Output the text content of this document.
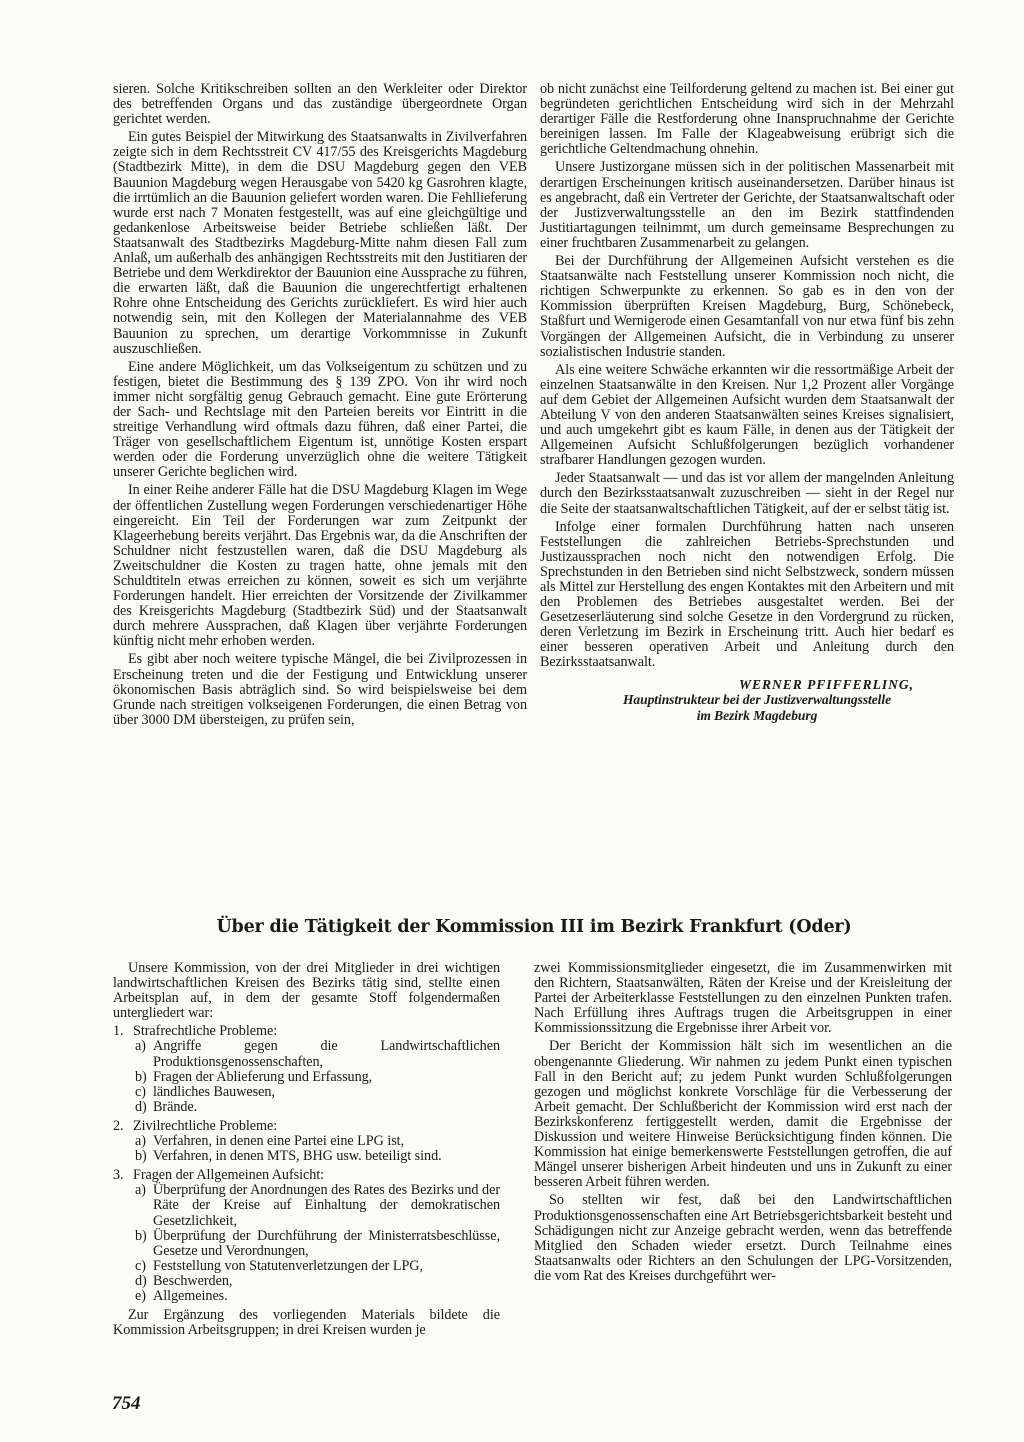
sieren. Solche Kritikschreiben sollten an den Werkleiter oder Direktor des betreffenden Organs und das zuständige übergeordnete Organ gerichtet werden.

Ein gutes Beispiel der Mitwirkung des Staatsanwalts in Zivilverfahren zeigte sich in dem Rechtsstreit CV 417/55 des Kreisgerichts Magdeburg (Stadtbezirk Mitte), in dem die DSU Magdeburg gegen den VEB Bauunion Magdeburg wegen Herausgabe von 5420 kg Gasrohren klagte, die irrtümlich an die Bauunion geliefert worden waren. Die Fehllieferung wurde erst nach 7 Monaten festgestellt, was auf eine gleichgültige und gedankenlose Arbeitsweise beider Betriebe schließen läßt. Der Staatsanwalt des Stadtbezirks Magdeburg-Mitte nahm diesen Fall zum Anlaß, um außerhalb des anhängigen Rechtsstreits mit den Justitiaren der Betriebe und dem Werkdirektor der Bauunion eine Aussprache zu führen, die erwarten läßt, daß die Bauunion die ungerechtfertigt erhaltenen Rohre ohne Entscheidung des Gerichts zurückliefert. Es wird hier auch notwendig sein, mit den Kollegen der Materialannahme des VEB Bauunion zu sprechen, um derartige Vorkommnisse in Zukunft auszuschließen.

Eine andere Möglichkeit, um das Volkseigentum zu schützen und zu festigen, bietet die Bestimmung des § 139 ZPO. Von ihr wird noch immer nicht sorgfältig genug Gebrauch gemacht. Eine gute Erörterung der Sach- und Rechtslage mit den Parteien bereits vor Eintritt in die streitige Verhandlung wird oftmals dazu führen, daß einer Partei, die Träger von gesellschaftlichem Eigentum ist, unnötige Kosten erspart werden oder die Forderung unverzüglich ohne die weitere Tätigkeit unserer Gerichte beglichen wird.

In einer Reihe anderer Fälle hat die DSU Magdeburg Klagen im Wege der öffentlichen Zustellung wegen Forderungen verschiedenartiger Höhe eingereicht. Ein Teil der Forderungen war zum Zeitpunkt der Klageerhebung bereits verjährt. Das Ergebnis war, da die Anschriften der Schuldner nicht festzustellen waren, daß die DSU Magdeburg als Zweitschuldner die Kosten zu tragen hatte, ohne jemals mit den Schuldtiteln etwas erreichen zu können, soweit es sich um verjährte Forderungen handelt. Hier erreichten der Vorsitzende der Zivilkammer des Kreisgerichts Magdeburg (Stadtbezirk Süd) und der Staatsanwalt durch mehrere Aussprachen, daß Klagen über verjährte Forderungen künftig nicht mehr erhoben werden.

Es gibt aber noch weitere typische Mängel, die bei Zivilprozessen in Erscheinung treten und die der Festigung und Entwicklung unserer ökonomischen Basis abträglich sind. So wird beispielsweise bei dem Grunde nach streitigen volkseigenen Forderungen, die einen Betrag von über 3000 DM übersteigen, zu prüfen sein,

ob nicht zunächst eine Teilforderung geltend zu machen ist. Bei einer gut begründeten gerichtlichen Entscheidung wird sich in der Mehrzahl derartiger Fälle die Restforderung ohne Inanspruchnahme der Gerichte bereinigen lassen. Im Falle der Klageabweisung erübrigt sich die gerichtliche Geltendmachung ohnehin.

Unsere Justizorgane müssen sich in der politischen Massenarbeit mit derartigen Erscheinungen kritisch auseinandersetzen. Darüber hinaus ist es angebracht, daß ein Vertreter der Gerichte, der Staatsanwaltschaft oder der Justizverwaltungsstelle an den im Bezirk stattfindenden Justitiartagungen teilnimmt, um durch gemeinsame Besprechungen zu einer fruchtbaren Zusammenarbeit zu gelangen.

Bei der Durchführung der Allgemeinen Aufsicht verstehen es die Staatsanwälte nach Feststellung unserer Kommission noch nicht, die richtigen Schwerpunkte zu erkennen. So gab es in den von der Kommission überprüften Kreisen Magdeburg, Burg, Schönebeck, Staßfurt und Wernigerode einen Gesamtanfall von nur etwa fünf bis zehn Vorgängen der Allgemeinen Aufsicht, die in Verbindung zu unserer sozialistischen Industrie standen.

Als eine weitere Schwäche erkannten wir die ressortmäßige Arbeit der einzelnen Staatsanwälte in den Kreisen. Nur 1,2 Prozent aller Vorgänge auf dem Gebiet der Allgemeinen Aufsicht wurden dem Staatsanwalt der Abteilung V von den anderen Staatsanwälten seines Kreises signalisiert, und auch umgekehrt gibt es kaum Fälle, in denen aus der Tätigkeit der Allgemeinen Aufsicht Schlußfolgerungen bezüglich vorhandener strafbarer Handlungen gezogen wurden.

Jeder Staatsanwalt — und das ist vor allem der mangelnden Anleitung durch den Bezirksstaatsanwalt zuzuschreiben — sieht in der Regel nur die Seite der staatsanwaltschaftlichen Tätigkeit, auf der er selbst tätig ist.

Infolge einer formalen Durchführung hatten nach unseren Feststellungen die zahlreichen Betriebs-Sprechstunden und Justizaussprachen noch nicht den notwendigen Erfolg. Die Sprechstunden in den Betrieben sind nicht Selbstzweck, sondern müssen als Mittel zur Herstellung des engen Kontaktes mit den Arbeitern und mit den Problemen des Betriebes ausgestaltet werden. Bei der Gesetzeserläuterung sind solche Gesetze in den Vordergrund zu rücken, deren Verletzung im Bezirk in Erscheinung tritt. Auch hier bedarf es einer besseren operativen Arbeit und Anleitung durch den Bezirksstaatsanwalt.

WERNER PFIFFERLING,
Hauptinstrukteur bei der Justizverwaltungsstelle
im Bezirk Magdeburg
Über die Tätigkeit der Kommission III im Bezirk Frankfurt (Oder)

Unsere Kommission, von der drei Mitglieder in drei wichtigen landwirtschaftlichen Kreisen des Bezirks tätig sind, stellte einen Arbeitsplan auf, in dem der gesamte Stoff folgendermaßen untergliedert war:

1. Strafrechtliche Probleme:
a) Angriffe gegen die Landwirtschaftlichen Produktionsgenossenschaften,
b) Fragen der Ablieferung und Erfassung,
c) ländliches Bauwesen,
d) Brände.
2. Zivilrechtliche Probleme:
a) Verfahren, in denen eine Partei eine LPG ist,
b) Verfahren, in denen MTS, BHG usw. beteiligt sind.
3. Fragen der Allgemeinen Aufsicht:
a) Überprüfung der Anordnungen des Rates des Bezirks und der Räte der Kreise auf Einhaltung der demokratischen Gesetzlichkeit,
b) Überprüfung der Durchführung der Ministerratsbeschlüsse, Gesetze und Verordnungen,
c) Feststellung von Statutenverletzungen der LPG,
d) Beschwerden,
e) Allgemeines.

Zur Ergänzung des vorliegenden Materials bildete die Kommission Arbeitsgruppen; in drei Kreisen wurden je

zwei Kommissionsmitglieder eingesetzt, die im Zusammenwirken mit den Richtern, Staatsanwälten, Räten der Kreise und der Kreisleitung der Partei der Arbeiterklasse Feststellungen zu den einzelnen Punkten trafen. Nach Erfüllung ihres Auftrags trugen die Arbeitsgruppen in einer Kommissionssitzung die Ergebnisse ihrer Arbeit vor.

Der Bericht der Kommission hält sich im wesentlichen an die obengenannte Gliederung. Wir nahmen zu jedem Punkt einen typischen Fall in den Bericht auf; zu jedem Punkt wurden Schlußfolgerungen gezogen und möglichst konkrete Vorschläge für die Verbesserung der Arbeit gemacht. Der Schlußbericht der Kommission wird erst nach der Bezirkskonferenz fertiggestellt werden, damit die Ergebnisse der Diskussion und weitere Hinweise Berücksichtigung finden können. Die Kommission hat einige bemerkenswerte Feststellungen getroffen, die auf Mängel unserer bisherigen Arbeit hindeuten und uns in Zukunft zu einer besseren Arbeit führen werden.

So stellten wir fest, daß bei den Landwirtschaftlichen Produktionsgenossenschaften eine Art Betriebsgerichtsbarkeit besteht und Schädigungen nicht zur Anzeige gebracht werden, wenn das betreffende Mitglied den Schaden wieder ersetzt. Durch Teilnahme eines Staatsanwalts oder Richters an den Schulungen der LPG-Vorsitzenden, die vom Rat des Kreises durchgeführt wer-

754
